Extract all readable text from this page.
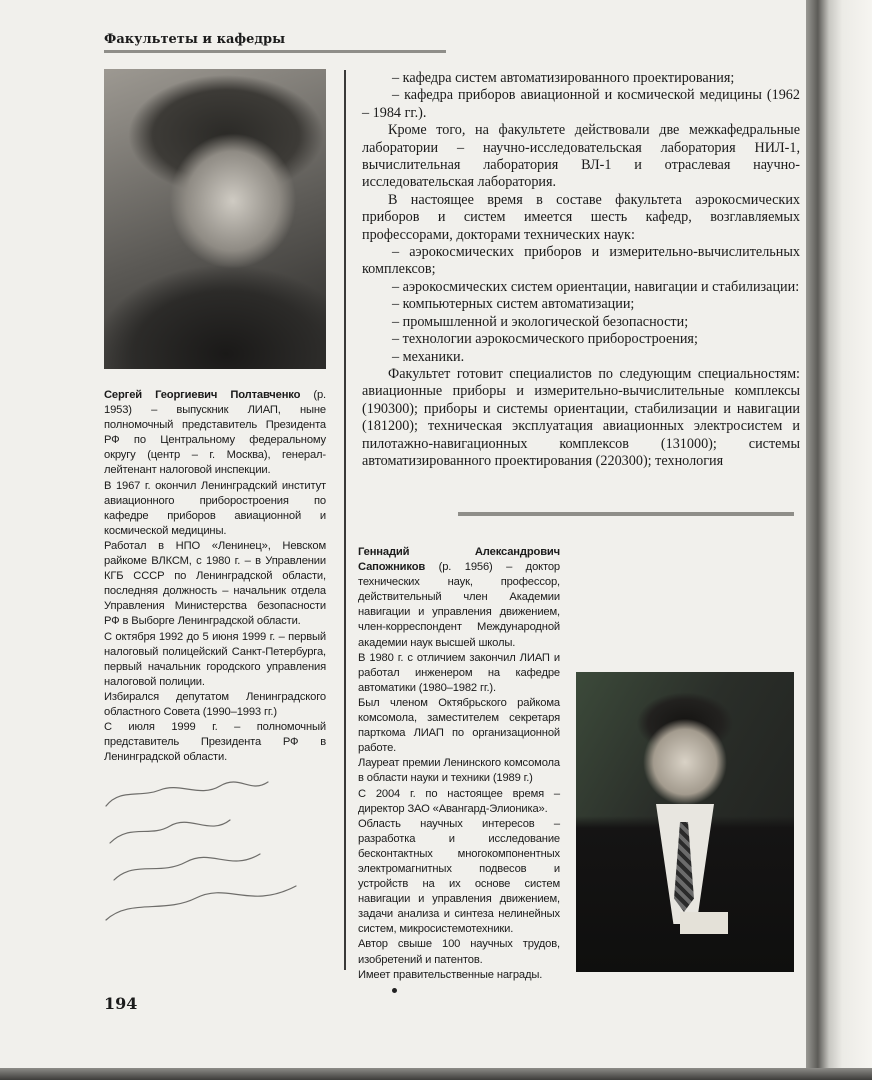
Факультеты и кафедры

Сергей Георгиевич Полтавченко (р. 1953) – выпускник ЛИАП, ныне полномочный представитель Президента РФ по Центральному федеральному округу (центр – г. Москва), генерал-лейтенант налоговой инспекции.

В 1967 г. окончил Ленинградский институт авиационного приборостроения по кафедре приборов авиационной и космической медицины.

Работал в НПО «Ленинец», Невском райкоме ВЛКСМ, с 1980 г. – в Управлении КГБ СССР по Ленинградской области, последняя должность – начальник отдела Управления Министерства безопасности РФ в Выборге Ленинградской области.

С октября 1992 до 5 июня 1999 г. – первый налоговый полицейский Санкт-Петербурга, первый начальник городского управления налоговой полиции.

Избирался депутатом Ленинградского областного Совета (1990–1993 гг.)

С июля 1999 г. – полномочный представитель Президента РФ в Ленинградской области.

– кафедра систем автоматизированного проектирования;

– кафедра приборов авиационной и космической медицины (1962 – 1984 гг.).

Кроме того, на факультете действовали две межкафедральные лаборатории – научно-исследовательская лаборатория НИЛ-1, вычислительная лаборатория ВЛ-1 и отраслевая научно-исследовательская лаборатория.

В настоящее время в составе факультета аэрокосмических приборов и систем имеется шесть кафедр, возглавляемых профессорами, докторами технических наук:

– аэрокосмических приборов и измерительно-вычислительных комплексов;

– аэрокосмических систем ориентации, навигации и стабилизации:

– компьютерных систем автоматизации;

– промышленной и экологической безопасности;

– технологии аэрокосмического приборостроения;

– механики.

Факультет готовит специалистов по следующим специальностям: авиационные приборы и измерительно-вычислительные комплексы (190300); приборы и системы ориентации, стабилизации и навигации (181200); техническая эксплуатация авиационных электросистем и пилотажно-навигационных комплексов (131000); системы автоматизированного проектирования (220300); технология

Геннадий Александрович Сапожников (р. 1956) – доктор технических наук, профессор, действительный член Академии навигации и управления движением, член-корреспондент Международной академии наук высшей школы.

В 1980 г. с отличием закончил ЛИАП и работал инженером на кафедре автоматики (1980–1982 гг.).

Был членом Октябрьского райкома комсомола, заместителем секретаря парткома ЛИАП по организационной работе.

Лауреат премии Ленинского комсомола в области науки и техники (1989 г.)

С 2004 г. по настоящее время – директор ЗАО «Авангард-Элионика».

Область научных интересов – разработка и исследование бесконтактных многокомпонентных электромагнитных подвесов и устройств на их основе систем навигации и управления движением, задачи анализа и синтеза нелинейных систем, микросистемотехники.

Автор свыше 100 научных трудов, изобретений и патентов.

Имеет правительственные награды.

194
